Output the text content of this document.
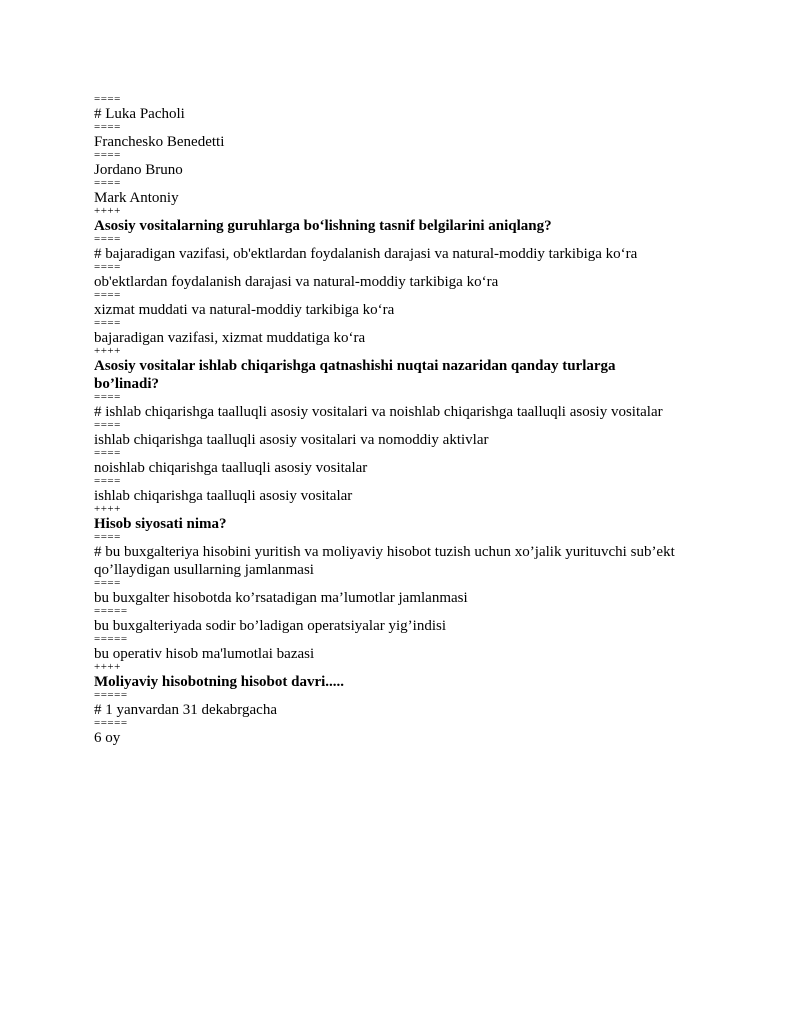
====
# Luka Pacholi
====
Franchesko Benedetti
====
Jordano Bruno
====
Mark Antoniy
++++
Asosiy vositalarning guruhlarga bo‘lishning tasnif belgilarini aniqlang?
====
# bajaradigan vazifasi, ob'ektlardan foydalanish darajasi va natural-moddiy tarkibiga ko‘ra
====
ob'ektlardan foydalanish darajasi va natural-moddiy tarkibiga ko‘ra
====
xizmat muddati va natural-moddiy tarkibiga ko‘ra
====
bajaradigan vazifasi, xizmat muddatiga ko‘ra
++++
Asosiy vositalar ishlab chiqarishga qatnashishi nuqtai nazaridan qanday turlarga bo’linadi?
====
# ishlab chiqarishga taalluqli asosiy vositalari va noishlab chiqarishga taalluqli asosiy vositalar
====
ishlab chiqarishga taalluqli asosiy vositalari va nomoddiy aktivlar
====
noishlab chiqarishga taalluqli asosiy vositalar
====
ishlab chiqarishga taalluqli asosiy vositalar
++++
Hisob siyosati nima?
====
# bu buxgalteriya hisobini yuritish va moliyaviy hisobot tuzish uchun xo’jalik yurituvchi sub’ekt qo’llaydigan usullarning jamlanmasi
====
bu buxgalter hisobotda ko’rsatadigan ma’lumotlar jamlanmasi
=====
bu buxgalteriyada sodir bo’ladigan operatsiyalar yig’indisi
=====
bu operativ hisob ma'lumotlai bazasi
++++
Moliyaviy hisobotning hisobot davri.....
=====
# 1 yanvardan 31 dekabrgacha
=====
6 oy
